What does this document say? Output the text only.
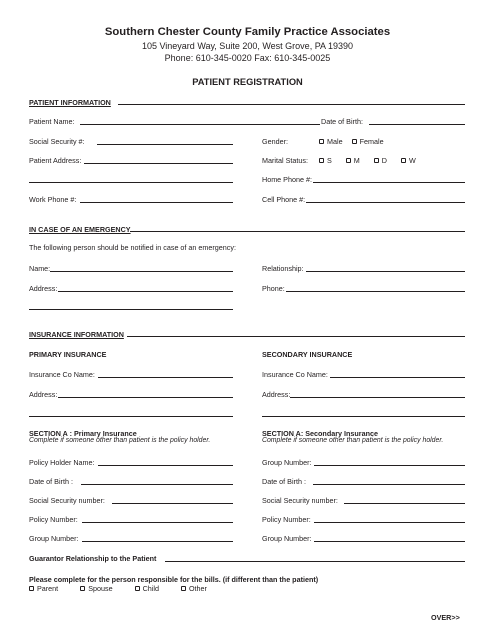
Southern Chester County Family Practice Associates
105 Vineyard Way, Suite 200, West Grove, PA 19390
Phone: 610-345-0020 Fax: 610-345-0025
PATIENT REGISTRATION
PATIENT INFORMATION
Patient Name:	Date of Birth:
Social Security #:	Gender:	Male Female
Patient Address:	Marital Status:	S	M	D	W
Home Phone #:
Work Phone #:	Cell Phone #:
IN CASE OF AN EMERGENCY
The following person should be notified in case of an emergency:
Name:	Relationship:
Address:	Phone:
INSURANCE INFORMATION
PRIMARY INSURANCE	SECONDARY INSURANCE
Insurance Co Name:	Insurance Co Name:
Address:	Address:
SECTION A : Primary Insurance
Complete if someone other than patient is the policy holder.
SECTION A: Secondary Insurance
Complete if someone other than patient is the policy holder.
Policy Holder Name:	Group Number:
Date of Birth :	Date of Birth :
Social Security number:	Social Security number:
Policy Number:	Policy Number:
Group Number:	Group Number:
Guarantor Relationship to the Patient
Please complete for the person responsible for the bills. (if different than the patient)
Parent	Spouse	Child	Other
OVER>>
